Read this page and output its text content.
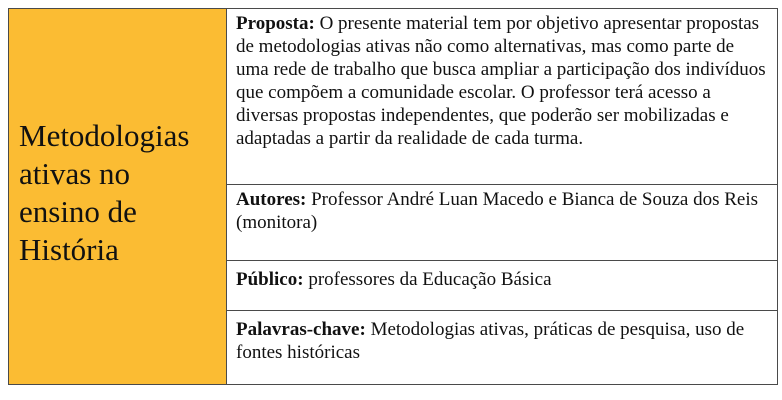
Metodologias ativas no ensino de História
Proposta: O presente material tem por objetivo apresentar propostas de metodologias ativas não como alternativas, mas como parte de uma rede de trabalho que busca ampliar a participação dos indivíduos que compõem a comunidade escolar. O professor terá acesso a diversas propostas independentes, que poderão ser mobilizadas e adaptadas a partir da realidade de cada turma.
Autores: Professor André Luan Macedo e Bianca de Souza dos Reis (monitora)
Público: professores da Educação Básica
Palavras-chave: Metodologias ativas, práticas de pesquisa, uso de fontes históricas
